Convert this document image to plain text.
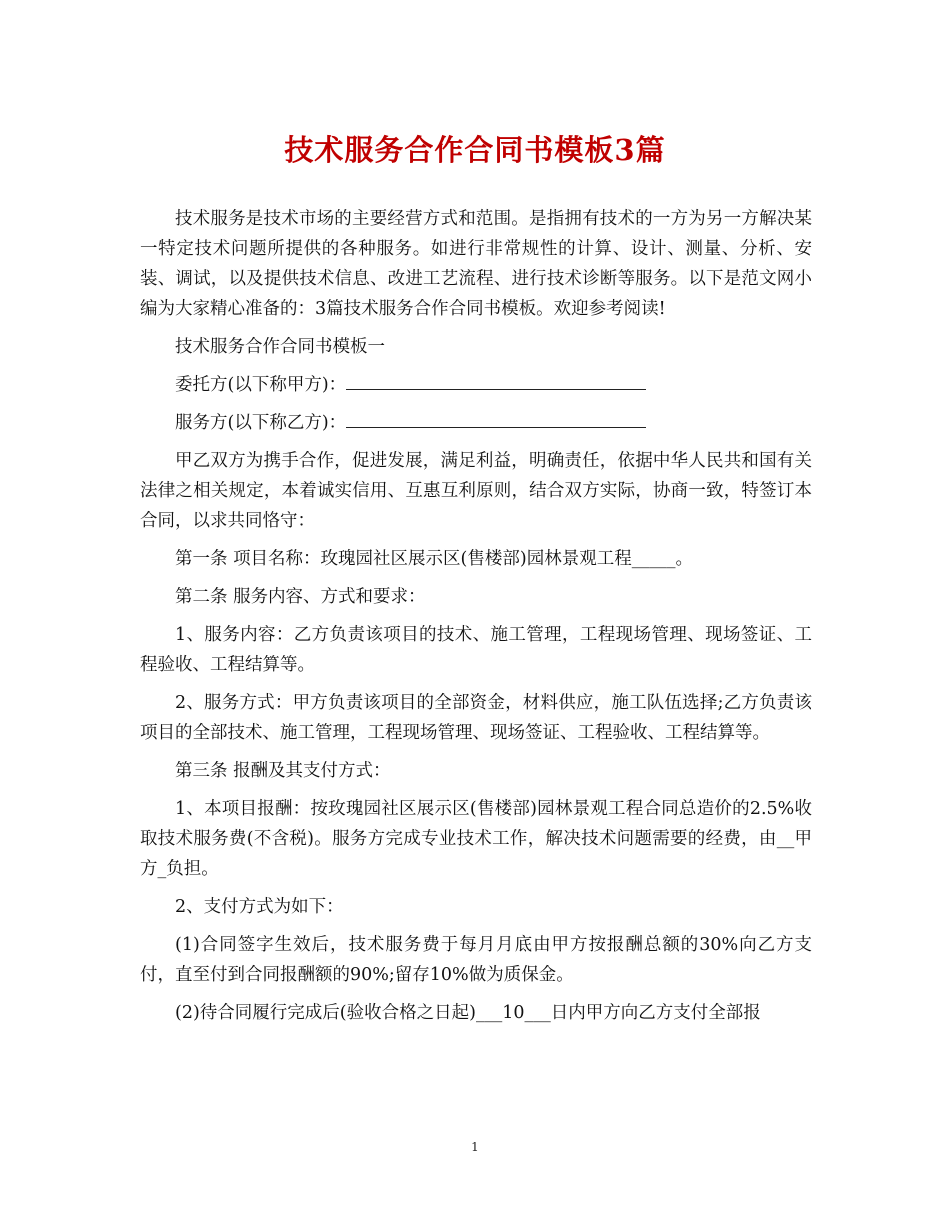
技术服务合作合同书模板3篇

技术服务是技术市场的主要经营方式和范围。是指拥有技术的一方为另一方解决某一特定技术问题所提供的各种服务。如进行非常规性的计算、设计、测量、分析、安装、调试，以及提供技术信息、改进工艺流程、进行技术诊断等服务。以下是范文网小编为大家精心准备的：3篇技术服务合作合同书模板。欢迎参考阅读!

技术服务合作合同书模板一

委托方(以下称甲方)：

服务方(以下称乙方)：

甲乙双方为携手合作，促进发展，满足利益，明确责任，依据中华人民共和国有关法律之相关规定，本着诚实信用、互惠互利原则，结合双方实际，协商一致，特签订本合同，以求共同恪守：

第一条 项目名称：玫瑰园社区展示区(售楼部)园林景观工程_____。

第二条 服务内容、方式和要求：

1、服务内容：乙方负责该项目的技术、施工管理，工程现场管理、现场签证、工程验收、工程结算等。

2、服务方式：甲方负责该项目的全部资金，材料供应，施工队伍选择;乙方负责该项目的全部技术、施工管理，工程现场管理、现场签证、工程验收、工程结算等。

第三条 报酬及其支付方式：

1、本项目报酬：按玫瑰园社区展示区(售楼部)园林景观工程合同总造价的2.5%收取技术服务费(不含税)。服务方完成专业技术工作，解决技术问题需要的经费，由__甲方_负担。

2、支付方式为如下：

(1)合同签字生效后，技术服务费于每月月底由甲方按报酬总额的30%向乙方支付，直至付到合同报酬额的90%;留存10%做为质保金。

(2)待合同履行完成后(验收合格之日起)___10___日内甲方向乙方支付全部报

1
